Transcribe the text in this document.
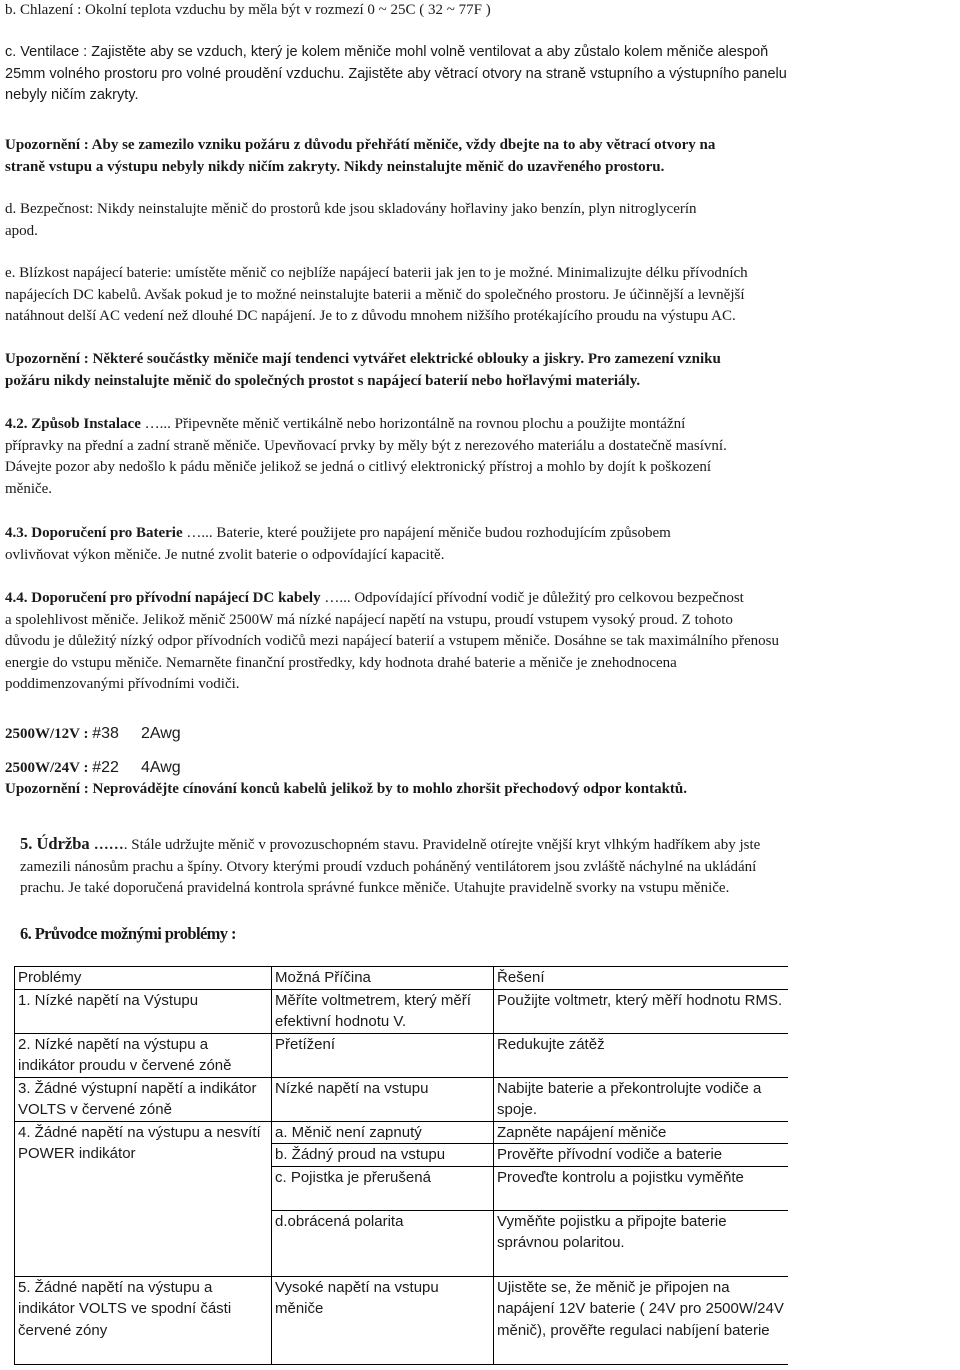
b. Chlazení : Okolní teplota vzduchu by měla být v rozmezí 0 ~ 25C ( 32 ~ 77F )

c. Ventilace : Zajistěte aby se vzduch, který je kolem měniče mohl volně ventilovat a aby zůstalo kolem měniče alespoň
25mm volného prostoru pro volné proudění vzduchu. Zajistěte aby větrací otvory na straně vstupního a výstupního panelu
nebyly ničím zakryty.
Upozornění : Aby se zamezilo vzniku požáru z důvodu přehřátí měniče, vždy dbejte na to aby větrací otvory na
straně vstupu a výstupu nebyly nikdy ničím zakryty. Nikdy neinstalujte měnič do uzavřeného prostoru.
d. Bezpečnost: Nikdy neinstalujte měnič do prostorů kde jsou skladovány hořlaviny jako benzín, plyn nitroglycerín
apod.
e. Blízkost napájecí baterie: umístěte měnič co nejblíže napájecí baterii jak jen to je možné. Minimalizujte délku přívodních
napájecích DC kabelů. Avšak pokud je to možné neinstalujte baterii a měnič do společného prostoru. Je účinnější a levnější
natáhnout delší AC vedení než dlouhé DC napájení. Je to z důvodu mnohem nižšího protékajícího proudu na výstupu AC.
Upozornění : Některé součástky měniče mají tendenci vytvářet elektrické oblouky a jiskry. Pro zamezení vzniku
požáru nikdy neinstalujte měnič do společných prostot s napájecí baterií nebo hořlavými materiály.
4.2. Způsob Instalace …... Připevněte měnič vertikálně nebo horizontálně na rovnou plochu a použijte montážní
přípravky na přední a zadní straně měniče. Upevňovací prvky by měly být z nerezového materiálu a dostatečně masívní.
Dávejte pozor aby nedošlo k pádu měniče jelikož se jedná o citlivý elektronický přístroj a mohlo by dojít k poškození
měniče.
4.3. Doporučení pro Baterie …... Baterie, které použijete pro napájení měniče budou rozhodujícím způsobem
ovlivňovat výkon měniče. Je nutné zvolit baterie o odpovídající kapacitě.
4.4. Doporučení pro přívodní napájecí DC kabely …... Odpovídající přívodní vodič je důležitý pro celkovou bezpečnost
a spolehlivost měniče. Jelikož měnič 2500W má nízké napájecí napětí na vstupu, proudí vstupem vysoký proud. Z tohoto
důvodu je důležitý nízký odpor přívodních vodičů mezi napájecí baterií a vstupem měniče. Dosáhne se tak maximálního přenosu
energie do vstupu měniče. Nemarněte finanční prostředky, kdy hodnota drahé baterie a měniče je znehodnocena
poddimenzovanými přívodními vodiči.
2500W/12V : #38 2Awg
2500W/24V : #22 4Awg
Upozornění : Neprovádějte cínování konců kabelů jelikož by to mohlo zhoršit přechodový odpor kontaktů.
5. Údržba ……. Stále udržujte měnič v provozuschopném stavu. Pravidelně otírejte vnější kryt vlhkým hadříkem aby jste
zamezili nánosům prachu a špíny. Otvory kterými proudí vzduch poháněný ventilátorem jsou zvláště náchylné na ukládání
prachu. Je také doporučená pravidelná kontrola správné funkce měniče. Utahujte pravidelně svorky na vstupu měniče.
6. Průvodce možnými problémy :
Problémy	Možná Příčina	Řešení
1. Nízké napětí na Výstupu	Měříte voltmetrem, který měří efektivní hodnotu V.	Použijte voltmetr, který měří hodnotu RMS.
2. Nízké napětí na výstupu a indikátor proudu v červené zóně	Přetížení	Redukujte zátěž
3. Žádné výstupní napětí a indikátor VOLTS v červené zóně	Nízké napětí na vstupu	Nabijte baterie a překontrolujte vodiče a spoje.
4. Žádné napětí na výstupu a nesvítí POWER indikátor	a. Měnič není zapnutý	Zapněte napájení měniče
	b. Žádný proud na vstupu	Prověřte přívodní vodiče a baterie
	c. Pojistka je přerušená	Proveďte kontrolu a pojistku vyměňte
	d.obrácená polarita	Vyměňte pojistku a připojte baterie správnou polaritou.
5. Žádné napětí na výstupu a indikátor VOLTS ve spodní části červené zóny	Vysoké napětí na vstupu měniče	Ujistěte se, že měnič je připojen na napájení 12V baterie ( 24V pro 2500W/24V měnič), prověřte regulaci nabíjení baterie
